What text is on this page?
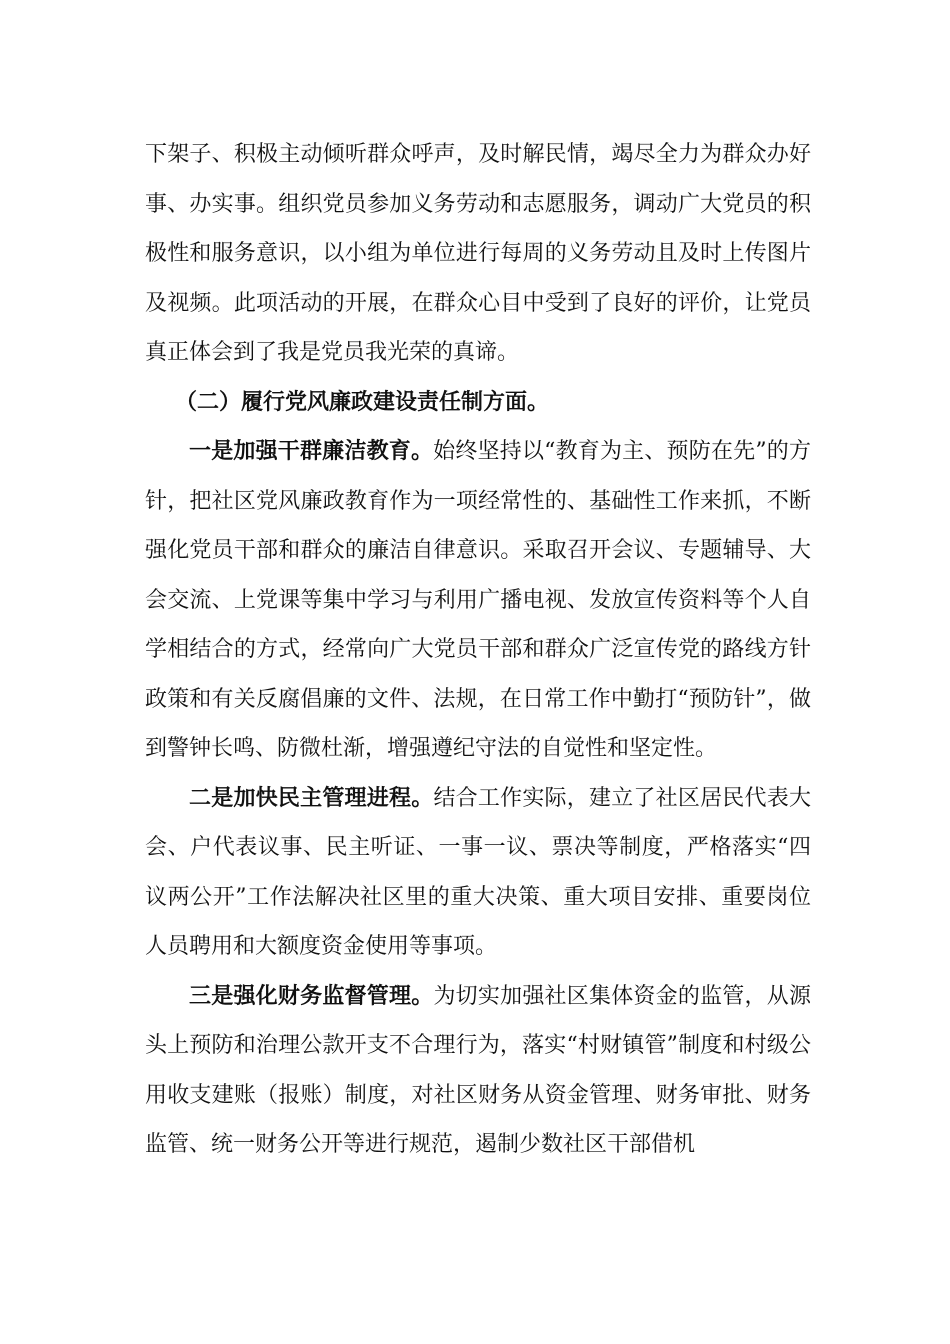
下架子、积极主动倾听群众呼声，及时解民情，竭尽全力为群众办好事、办实事。组织党员参加义务劳动和志愿服务，调动广大党员的积极性和服务意识，以小组为单位进行每周的义务劳动且及时上传图片及视频。此项活动的开展，在群众心目中受到了良好的评价，让党员真正体会到了我是党员我光荣的真谛。

（二）履行党风廉政建设责任制方面。

一是加强干群廉洁教育。始终坚持以“教育为主、预防在先”的方针，把社区党风廉政教育作为一项经常性的、基础性工作来抓，不断强化党员干部和群众的廉洁自律意识。采取召开会议、专题辅导、大会交流、上党课等集中学习与利用广播电视、发放宣传资料等个人自学相结合的方式，经常向广大党员干部和群众广泛宣传党的路线方针政策和有关反腐倡廉的文件、法规，在日常工作中勤打“预防针”，做到警钟长鸣、防微杜渐，增强遵纪守法的自觉性和坚定性。

二是加快民主管理进程。结合工作实际，建立了社区居民代表大会、户代表议事、民主听证、一事一议、票决等制度，严格落实“四议两公开”工作法解决社区里的重大决策、重大项目安排、重要岗位人员聘用和大额度资金使用等事项。

三是强化财务监督管理。为切实加强社区集体资金的监管，从源头上预防和治理公款开支不合理行为，落实“村财镇管”制度和村级公用收支建账（报账）制度，对社区财务从资金管理、财务审批、财务监管、统一财务公开等进行规范，遏制少数社区干部借机
